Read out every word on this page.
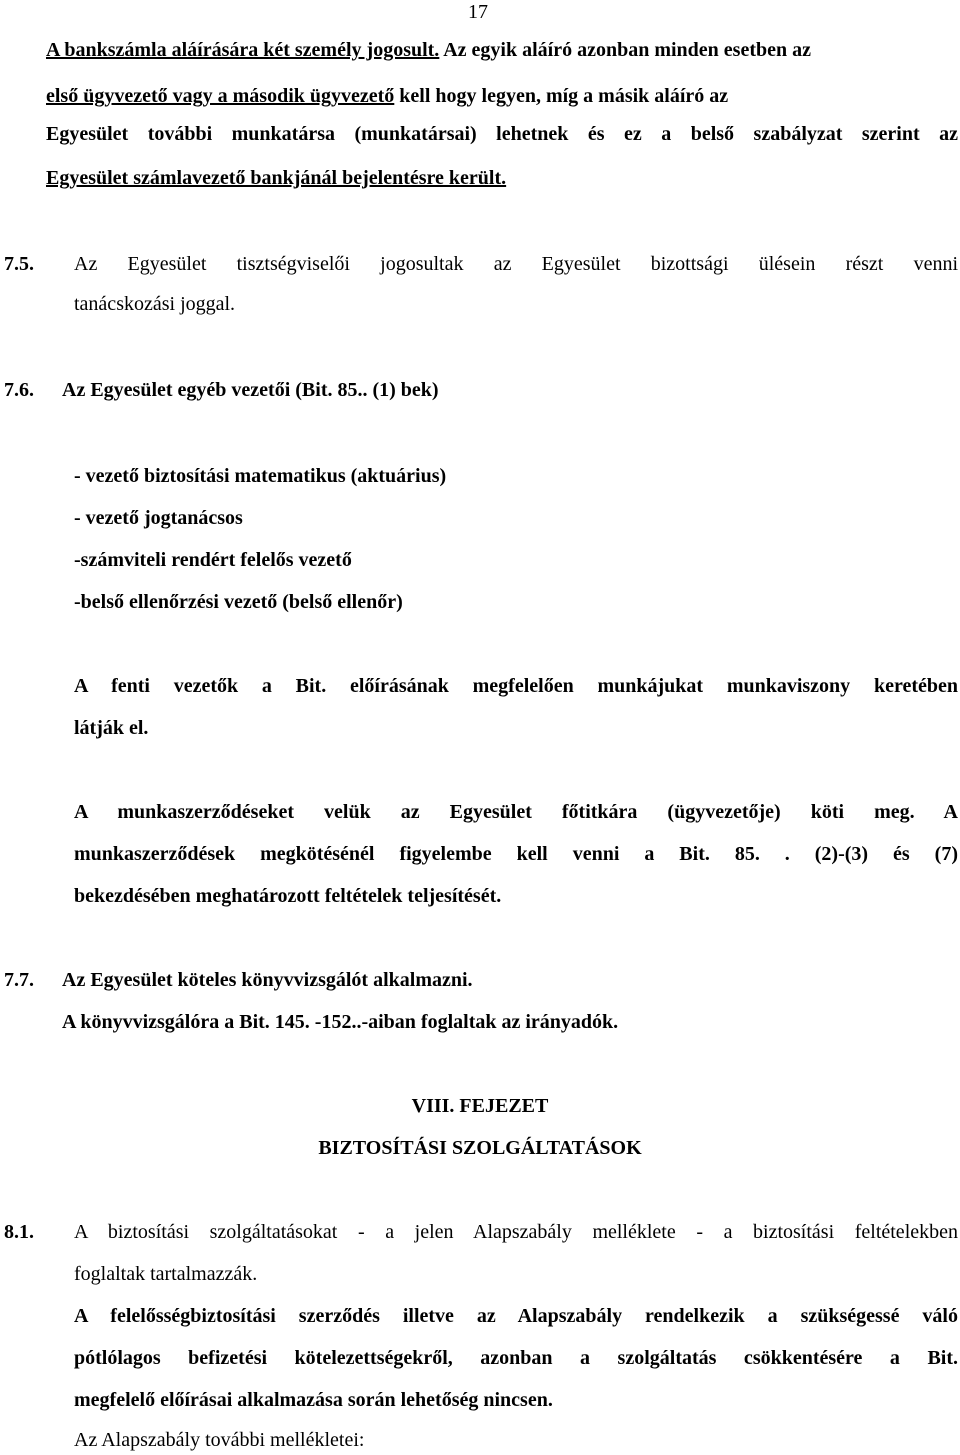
17
A bankszámla aláírására két személy jogosult. Az egyik aláíró azonban minden esetben az
első ügyvezető vagy a második ügyvezető kell hogy legyen, míg a másik aláíró az
Egyesület további munkatársa (munkatársai) lehetnek és ez a belső szabályzat szerint az
Egyesület számlavezető bankjánál bejelentésre került.
7.5. Az Egyesület tisztségviselői jogosultak az Egyesület bizottsági ülésein részt venni
tanácskozási joggal.
7.6. Az Egyesület egyéb vezetői (Bit. 85.. (1) bek)
- vezető biztosítási matematikus (aktuárius)
- vezető jogtanácsos
-számviteli rendért felelős vezető
-belső ellenőrzési vezető (belső ellenőr)
A fenti vezetők a Bit. előírásának megfelelően munkájukat munkaviszony keretében
látják el.
A munkaszerződéseket velük az Egyesület főtitkára (ügyvezetője) köti meg. A
munkaszerződések megkötésénél figyelembe kell venni a Bit. 85. . (2)-(3) és (7)
bekezdésében meghatározott feltételek teljesítését.
7.7. Az Egyesület köteles könyvvizsgálót alkalmazni.
A könyvvizsgálóra a Bit. 145. -152..-aiban foglaltak az irányadók.
VIII. FEJEZET
BIZTOSÍTÁSI SZOLGÁLTATÁSOK
8.1. A biztosítási szolgáltatásokat - a jelen Alapszabály melléklete - a biztosítási feltételekben
foglaltak tartalmazzák.
A felelősségbiztosítási szerződés illetve az Alapszabály rendelkezik a szükségessé váló
pótlólagos befizetési kötelezettségekről, azonban a szolgáltatás csökkentésére a Bit.
megfelelő előírásai alkalmazása során lehetőség nincsen.
Az Alapszabály további mellékletei:
